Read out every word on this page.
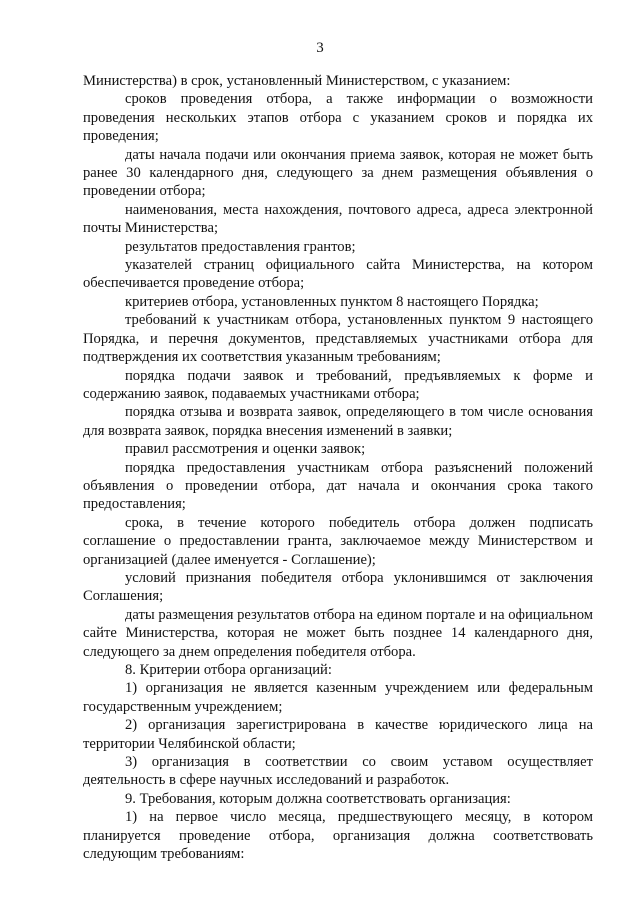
3

Министерства) в срок, установленный Министерством, с указанием:

сроков проведения отбора, а также информации о возможности проведения нескольких этапов отбора с указанием сроков и порядка их проведения;

даты начала подачи или окончания приема заявок, которая не может быть ранее 30 календарного дня, следующего за днем размещения объявления о проведении отбора;

наименования, места нахождения, почтового адреса, адреса электронной почты Министерства;

результатов предоставления грантов;

указателей страниц официального сайта Министерства, на котором обеспечивается проведение отбора;

критериев отбора, установленных пунктом 8 настоящего Порядка;

требований к участникам отбора, установленных пунктом 9 настоящего Порядка, и перечня документов, представляемых участниками отбора для подтверждения их соответствия указанным требованиям;

порядка подачи заявок и требований, предъявляемых к форме и содержанию заявок, подаваемых участниками отбора;

порядка отзыва и возврата заявок, определяющего в том числе основания для возврата заявок, порядка внесения изменений в заявки;

правил рассмотрения и оценки заявок;

порядка предоставления участникам отбора разъяснений положений объявления о проведении отбора, дат начала и окончания срока такого предоставления;

срока, в течение которого победитель отбора должен подписать соглашение о предоставлении гранта, заключаемое между Министерством и организацией (далее именуется - Соглашение);

условий признания победителя отбора уклонившимся от заключения Соглашения;

даты размещения результатов отбора на едином портале и на официальном сайте Министерства, которая не может быть позднее 14 календарного дня, следующего за днем определения победителя отбора.

8. Критерии отбора организаций:

1) организация не является казенным учреждением или федеральным государственным учреждением;

2) организация зарегистрирована в качестве юридического лица на территории Челябинской области;

3) организация в соответствии со своим уставом осуществляет деятельность в сфере научных исследований и разработок.

9. Требования, которым должна соответствовать организация:

1) на первое число месяца, предшествующего месяцу, в котором планируется проведение отбора, организация должна соответствовать следующим требованиям:
